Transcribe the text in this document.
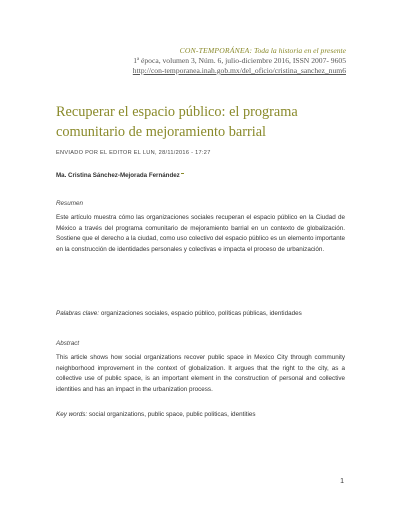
CON-TEMPORÁNEA: Toda la historia en el presente
1ª época, volumen 3, Núm. 6, julio-diciembre 2016, ISSN 2007- 9605
http://con-temporanea.inah.gob.mx/del_oficio/cristina_sanchez_num6
Recuperar el espacio público: el programa comunitario de mejoramiento barrial
ENVIADO POR EL EDITOR EL LUN, 28/11/2016 - 17:27
Ma. Cristina Sánchez-Mejorada Fernández
Resumen

Este artículo muestra cómo las organizaciones sociales recuperan el espacio público en la Ciudad de México a través del programa comunitario de mejoramiento barrial en un contexto de globalización. Sostiene que el derecho a la ciudad, como uso colectivo del espacio público es un elemento importante en la construcción de identidades personales y colectivas e impacta el proceso de urbanización.

Palabras clave: organizaciones sociales, espacio público, políticas públicas, identidades
Abstract

This article shows how social organizations recover public space in Mexico City through community neighborhood improvement in the context of globalization. It argues that the right to the city, as a collective use of public space, is an important element in the construction of personal and collective identities and has an impact in the urbanization process.

Key words: social organizations, public space, public politicas, identities
1
